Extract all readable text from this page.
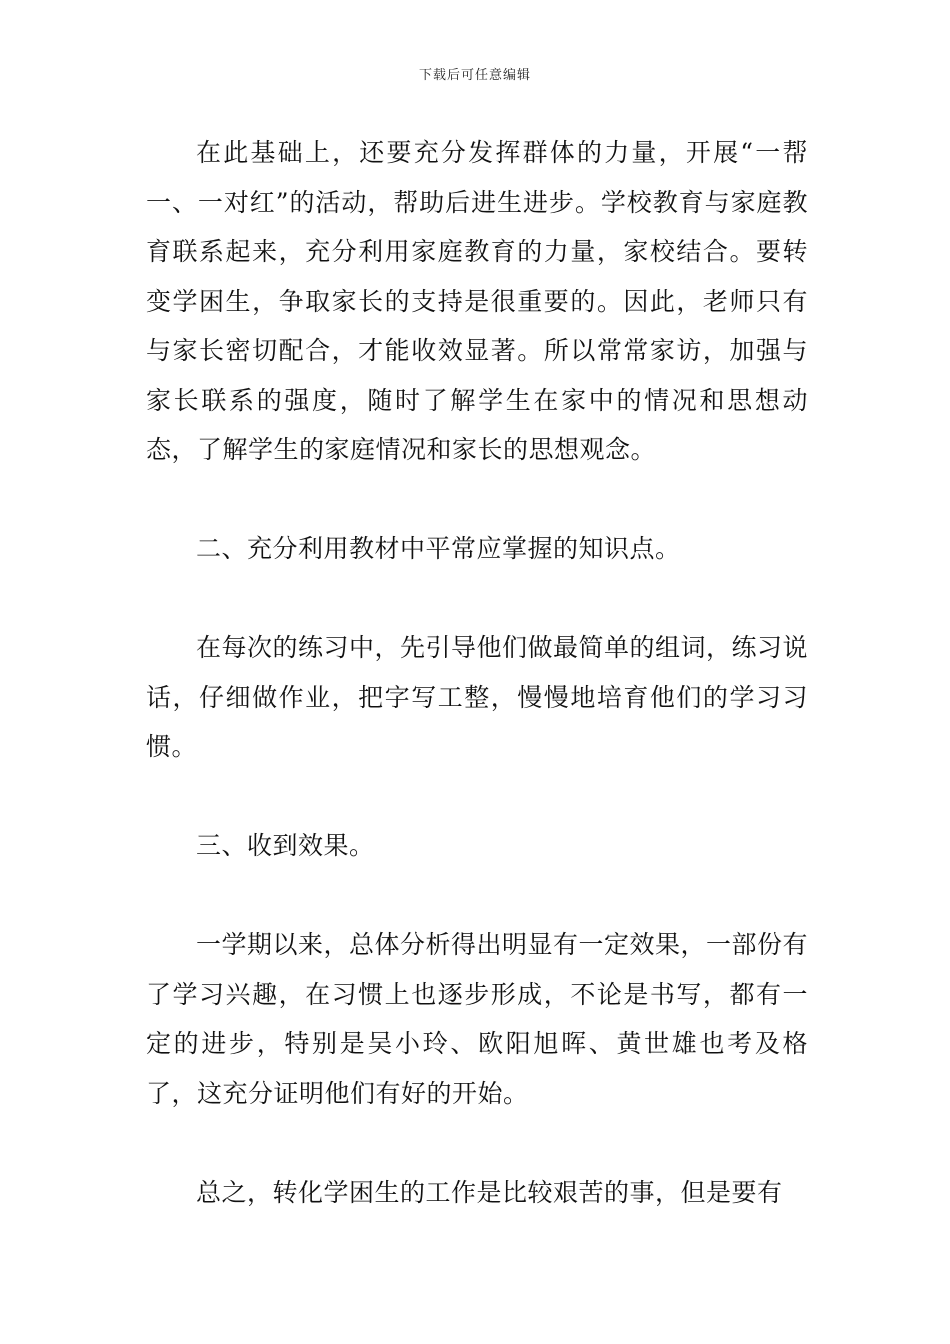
下载后可任意编辑

在此基础上，还要充分发挥群体的力量，开展“一帮一、一对红”的活动，帮助后进生进步。学校教育与家庭教育联系起来，充分利用家庭教育的力量，家校结合。要转变学困生，争取家长的支持是很重要的。因此，老师只有与家长密切配合，才能收效显著。所以常常家访，加强与家长联系的强度，随时了解学生在家中的情况和思想动态，了解学生的家庭情况和家长的思想观念。

二、充分利用教材中平常应掌握的知识点。

在每次的练习中，先引导他们做最简单的组词，练习说话，仔细做作业，把字写工整，慢慢地培育他们的学习习惯。

三、收到效果。

一学期以来，总体分析得出明显有一定效果，一部份有了学习兴趣，在习惯上也逐步形成，不论是书写，都有一定的进步，特别是吴小玲、欧阳旭晖、黄世雄也考及格了，这充分证明他们有好的开始。

总之，转化学困生的工作是比较艰苦的事，但是要有
